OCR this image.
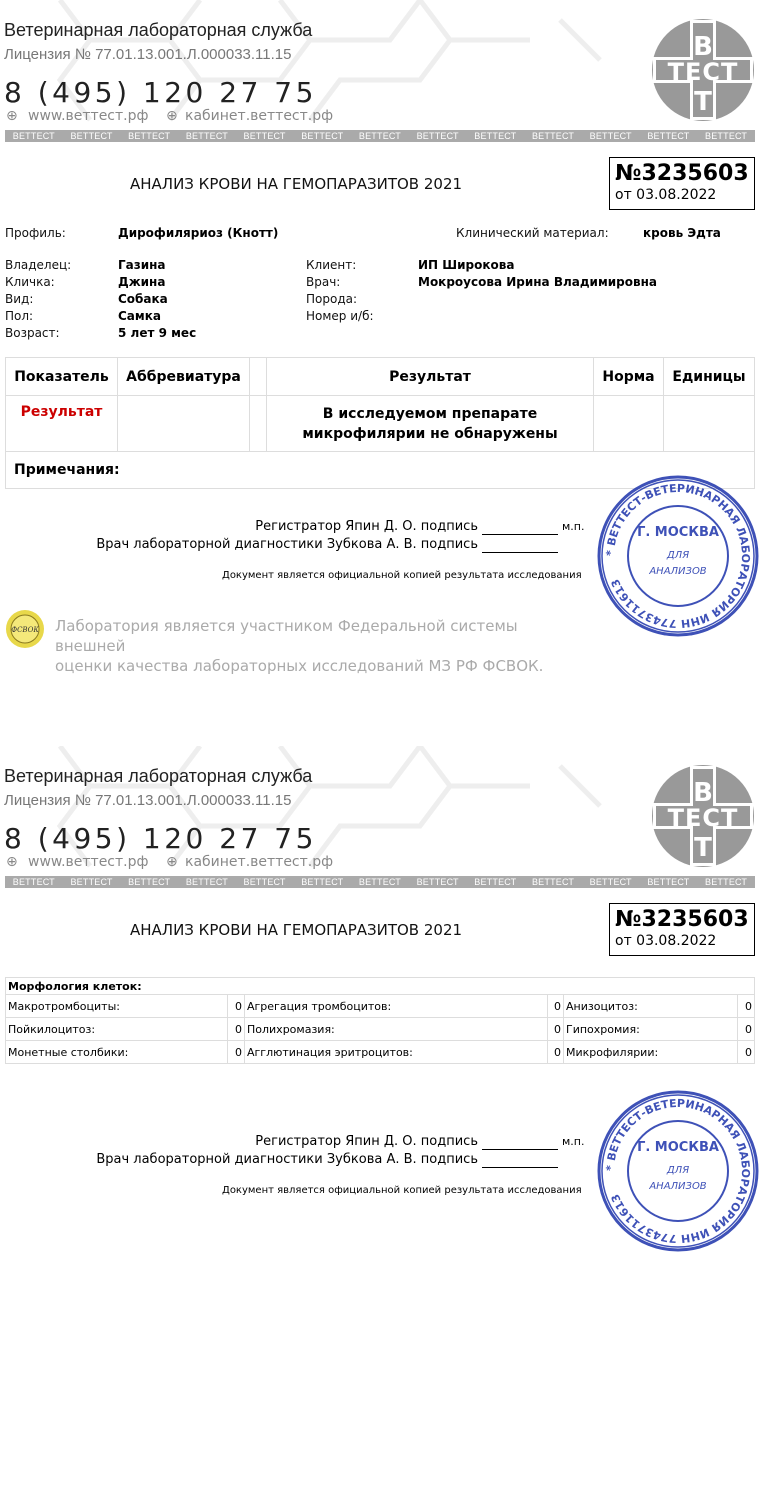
Ветеринарная лабораторная служба
Лицензия № 77.01.13.001.Л.000033.11.15
8 (495) 120 27 75
⊕ www.веттест.рф ⊕ кабинет.веттест.рф
В
ТЕСТ
Т
ВЕТТЕСТ ВЕТТЕСТ ВЕТТЕСТ ВЕТТЕСТ ВЕТТЕСТ ВЕТТЕСТ ВЕТТЕСТ ВЕТТЕСТ ВЕТТЕСТ ВЕТТЕСТ ВЕТТЕСТ ВЕТТЕСТ ВЕТТЕСТ
АНАЛИЗ КРОВИ НА ГЕМОПАРАЗИТОВ 2021	№3235603
от 03.08.2022
Профиль:	Дирофиляриоз (Кнотт)	Клинический материал:	кровь Эдта
Владелец:	Газина
Кличка:	Джина
Вид:	Собака
Пол:	Самка
Возраст:	5 лет 9 мес
Клиент:	ИП Широкова
Врач:	Мокроусова Ирина Владимировна
Порода:
Номер и/б:
Показатель	Аббревиатура		Результат	Норма	Единицы
Результат			В исследуемом препарате
микрофилярии не обнаружены		

Примечания:					
Регистратор Япин Д. О. подпись
Врач лабораторной диагностики Зубкова А. В. подпись
м.п.
Документ является официальной копией результата исследования
* ВЕТТЕСТ-ВЕТЕРИНАРНАЯ ЛАБОРАТОРИЯ ИНН 7743711613
Г. МОСКВА
ДЛЯ
АНАЛИЗОВ
ФСВОК Лаборатория является участником Федеральной системы внешней
оценки качества лабораторных исследований МЗ РФ ФСВОК.
Ветеринарная лабораторная служба
Лицензия № 77.01.13.001.Л.000033.11.15
8 (495) 120 27 75
⊕ www.веттест.рф ⊕ кабинет.веттест.рф
В
ТЕСТ
Т
ВЕТТЕСТ ВЕТТЕСТ ВЕТТЕСТ ВЕТТЕСТ ВЕТТЕСТ ВЕТТЕСТ ВЕТТЕСТ ВЕТТЕСТ ВЕТТЕСТ ВЕТТЕСТ ВЕТТЕСТ ВЕТТЕСТ ВЕТТЕСТ
АНАЛИЗ КРОВИ НА ГЕМОПАРАЗИТОВ 2021	№3235603
от 03.08.2022
Морфология клеток:					
Макротромбоциты:	0	Агрегация тромбоцитов:	0	Анизоцитоз:	0
Пойкилоцитоз:	0	Полихромазия:	0	Гипохромия:	0
Монетные столбики:	0	Агглютинация эритроцитов:	0	Микрофилярии:	0
Регистратор Япин Д. О. подпись
Врач лабораторной диагностики Зубкова А. В. подпись
м.п.
Документ является официальной копией результата исследования
* ВЕТТЕСТ-ВЕТЕРИНАРНАЯ ЛАБОРАТОРИЯ ИНН 7743711613
Г. МОСКВА
ДЛЯ
АНАЛИЗОВ
